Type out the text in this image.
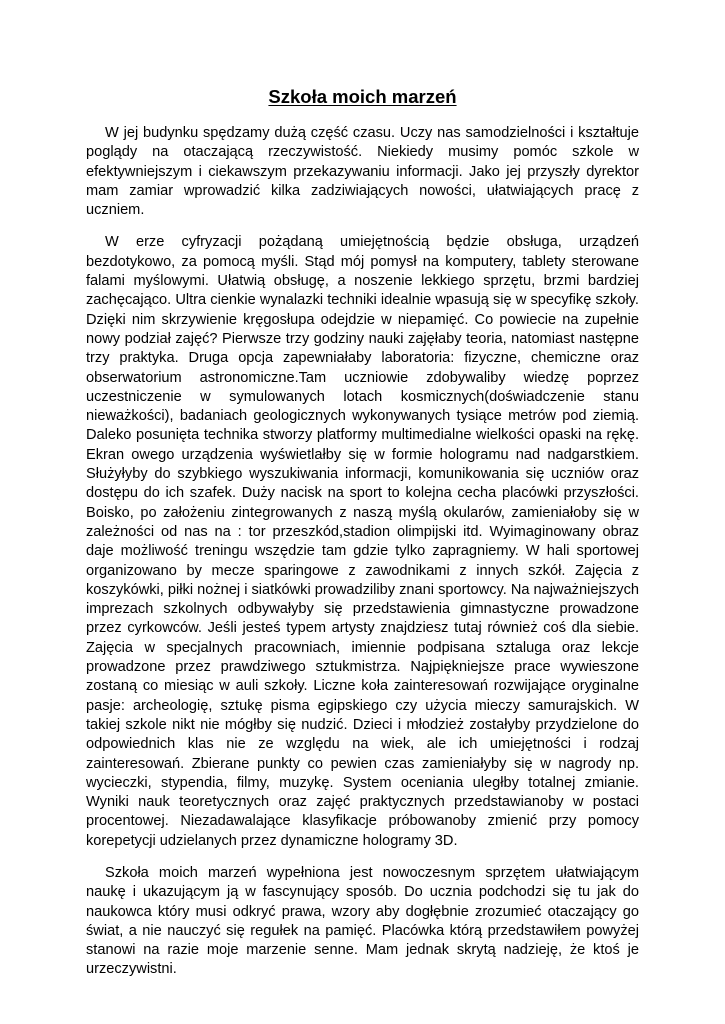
Szkoła moich marzeń

W jej budynku spędzamy dużą część czasu. Uczy nas samodzielności i kształtuje poglądy na otaczającą rzeczywistość. Niekiedy musimy pomóc szkole w efektywniejszym i ciekawszym przekazywaniu informacji. Jako jej przyszły dyrektor mam zamiar wprowadzić kilka zadziwiających nowości, ułatwiających pracę z uczniem.

W erze cyfryzacji pożądaną umiejętnością będzie obsługa, urządzeń bezdotykowo, za pomocą myśli. Stąd mój pomysł na komputery, tablety sterowane falami myślowymi. Ułatwią obsługę, a noszenie lekkiego sprzętu, brzmi bardziej zachęcająco. Ultra cienkie wynalazki techniki idealnie wpasują się w specyfikę szkoły. Dzięki nim skrzywienie kręgosłupa odejdzie w niepamięć. Co powiecie na zupełnie nowy podział zajęć? Pierwsze trzy godziny nauki zajęłaby teoria, natomiast następne trzy praktyka. Druga opcja zapewniałaby laboratoria: fizyczne, chemiczne oraz obserwatorium astronomiczne.Tam uczniowie zdobywaliby wiedzę poprzez uczestniczenie w symulowanych lotach kosmicznych(doświadczenie stanu nieważkości), badaniach geologicznych wykonywanych tysiące metrów pod ziemią. Daleko posunięta technika stworzy platformy multimedialne wielkości opaski na rękę. Ekran owego urządzenia wyświetlałby się w formie hologramu nad nadgarstkiem. Służyłyby do szybkiego wyszukiwania informacji, komunikowania się uczniów oraz dostępu do ich szafek. Duży nacisk na sport to kolejna cecha placówki przyszłości. Boisko, po założeniu zintegrowanych z naszą myślą okularów, zamieniałoby się w zależności od nas na : tor przeszkód,stadion olimpijski itd. Wyimaginowany obraz daje możliwość treningu wszędzie tam gdzie tylko zapragniemy. W hali sportowej organizowano by mecze sparingowe z zawodnikami z innych szkół. Zajęcia z koszykówki, piłki nożnej i siatkówki prowadziliby znani sportowcy. Na najważniejszych imprezach szkolnych odbywałyby się przedstawienia gimnastyczne prowadzone przez cyrkowców. Jeśli jesteś typem artysty znajdziesz tutaj również coś dla siebie. Zajęcia w specjalnych pracowniach, imiennie podpisana sztaluga oraz lekcje prowadzone przez prawdziwego sztukmistrza. Najpiękniejsze prace wywieszone zostaną co miesiąc w auli szkoły. Liczne koła zainteresowań rozwijające oryginalne pasje: archeologię, sztukę pisma egipskiego czy użycia mieczy samurajskich. W takiej szkole nikt nie mógłby się nudzić. Dzieci i młodzież zostałyby przydzielone do odpowiednich klas nie ze względu na wiek, ale ich umiejętności i rodzaj zainteresowań. Zbierane punkty co pewien czas zamieniałyby się w nagrody np. wycieczki, stypendia, filmy, muzykę. System oceniania uległby totalnej zmianie. Wyniki nauk teoretycznych oraz zajęć praktycznych przedstawianoby w postaci procentowej. Niezadawalające klasyfikacje próbowanoby zmienić przy pomocy korepetycji udzielanych przez dynamiczne hologramy 3D.

Szkoła moich marzeń wypełniona jest nowoczesnym sprzętem ułatwiającym naukę i ukazującym ją w fascynujący sposób. Do ucznia podchodzi się tu jak do naukowca który musi odkryć prawa, wzory aby dogłębnie zrozumieć otaczający go świat, a nie nauczyć się regułek na pamięć. Placówka którą przedstawiłem powyżej stanowi na razie moje marzenie senne. Mam jednak skrytą nadzieję, że ktoś je urzeczywistni.
